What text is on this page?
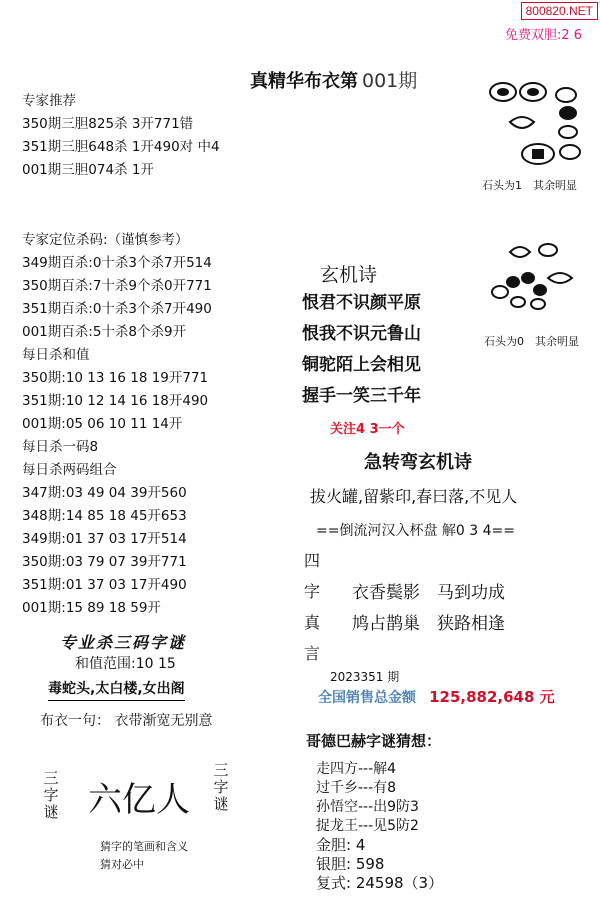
800820.NET
免费双胆:2 6
真精华布衣第 001期
专家推荐
350期三胆825杀 3开771错
351期三胆648杀 1开490对 中4
001期三胆074杀 1开
专家定位杀码:（谨慎参考）
349期百杀:0十杀3个杀7开514
350期百杀:7十杀9个杀0开771
351期百杀:0十杀3个杀7开490
001期百杀:5十杀8个杀9开
每日杀和值
350期:10 13 16 18 19开771
351期:10 12 14 16 18开490
001期:05 06 10 11 14开
每日杀一码8
每日杀两码组合
347期:03 49 04 39开560
348期:14 85 18 45开653
349期:01 37 03 17开514
350期:03 79 07 39开771
351期:01 37 03 17开490
001期:15 89 18 59开
专业杀三码字谜
和值范围:10 15
毒蛇头,太白楼,女出阁
布衣一句： 衣带渐宽无别意
三字谜 六亿人
三字谜
猜字的笔画和含义
猜对必中
石头为1　其余明显
石头为0　其余明显
玄机诗
恨君不识颜平原
恨我不识元鲁山
铜驼陌上会相见
握手一笑三千年
关注4 3一个
急转弯玄机诗
拔火罐,留紫印,春曰落,不见人
==倒流河汉入杯盘 解0 3 4==
四
字
真
言
衣香鬓影　马到功成
鸠占鹊巢　狭路相逢
2023351 期
全国销售总金额 125,882,648 元
哥德巴赫字谜猜想：
走四方---解4
过千乡---有8
孙悟空---出9防3
捉龙王---见5防2
金胆: 4
银胆: 598
复式: 24598（3）
